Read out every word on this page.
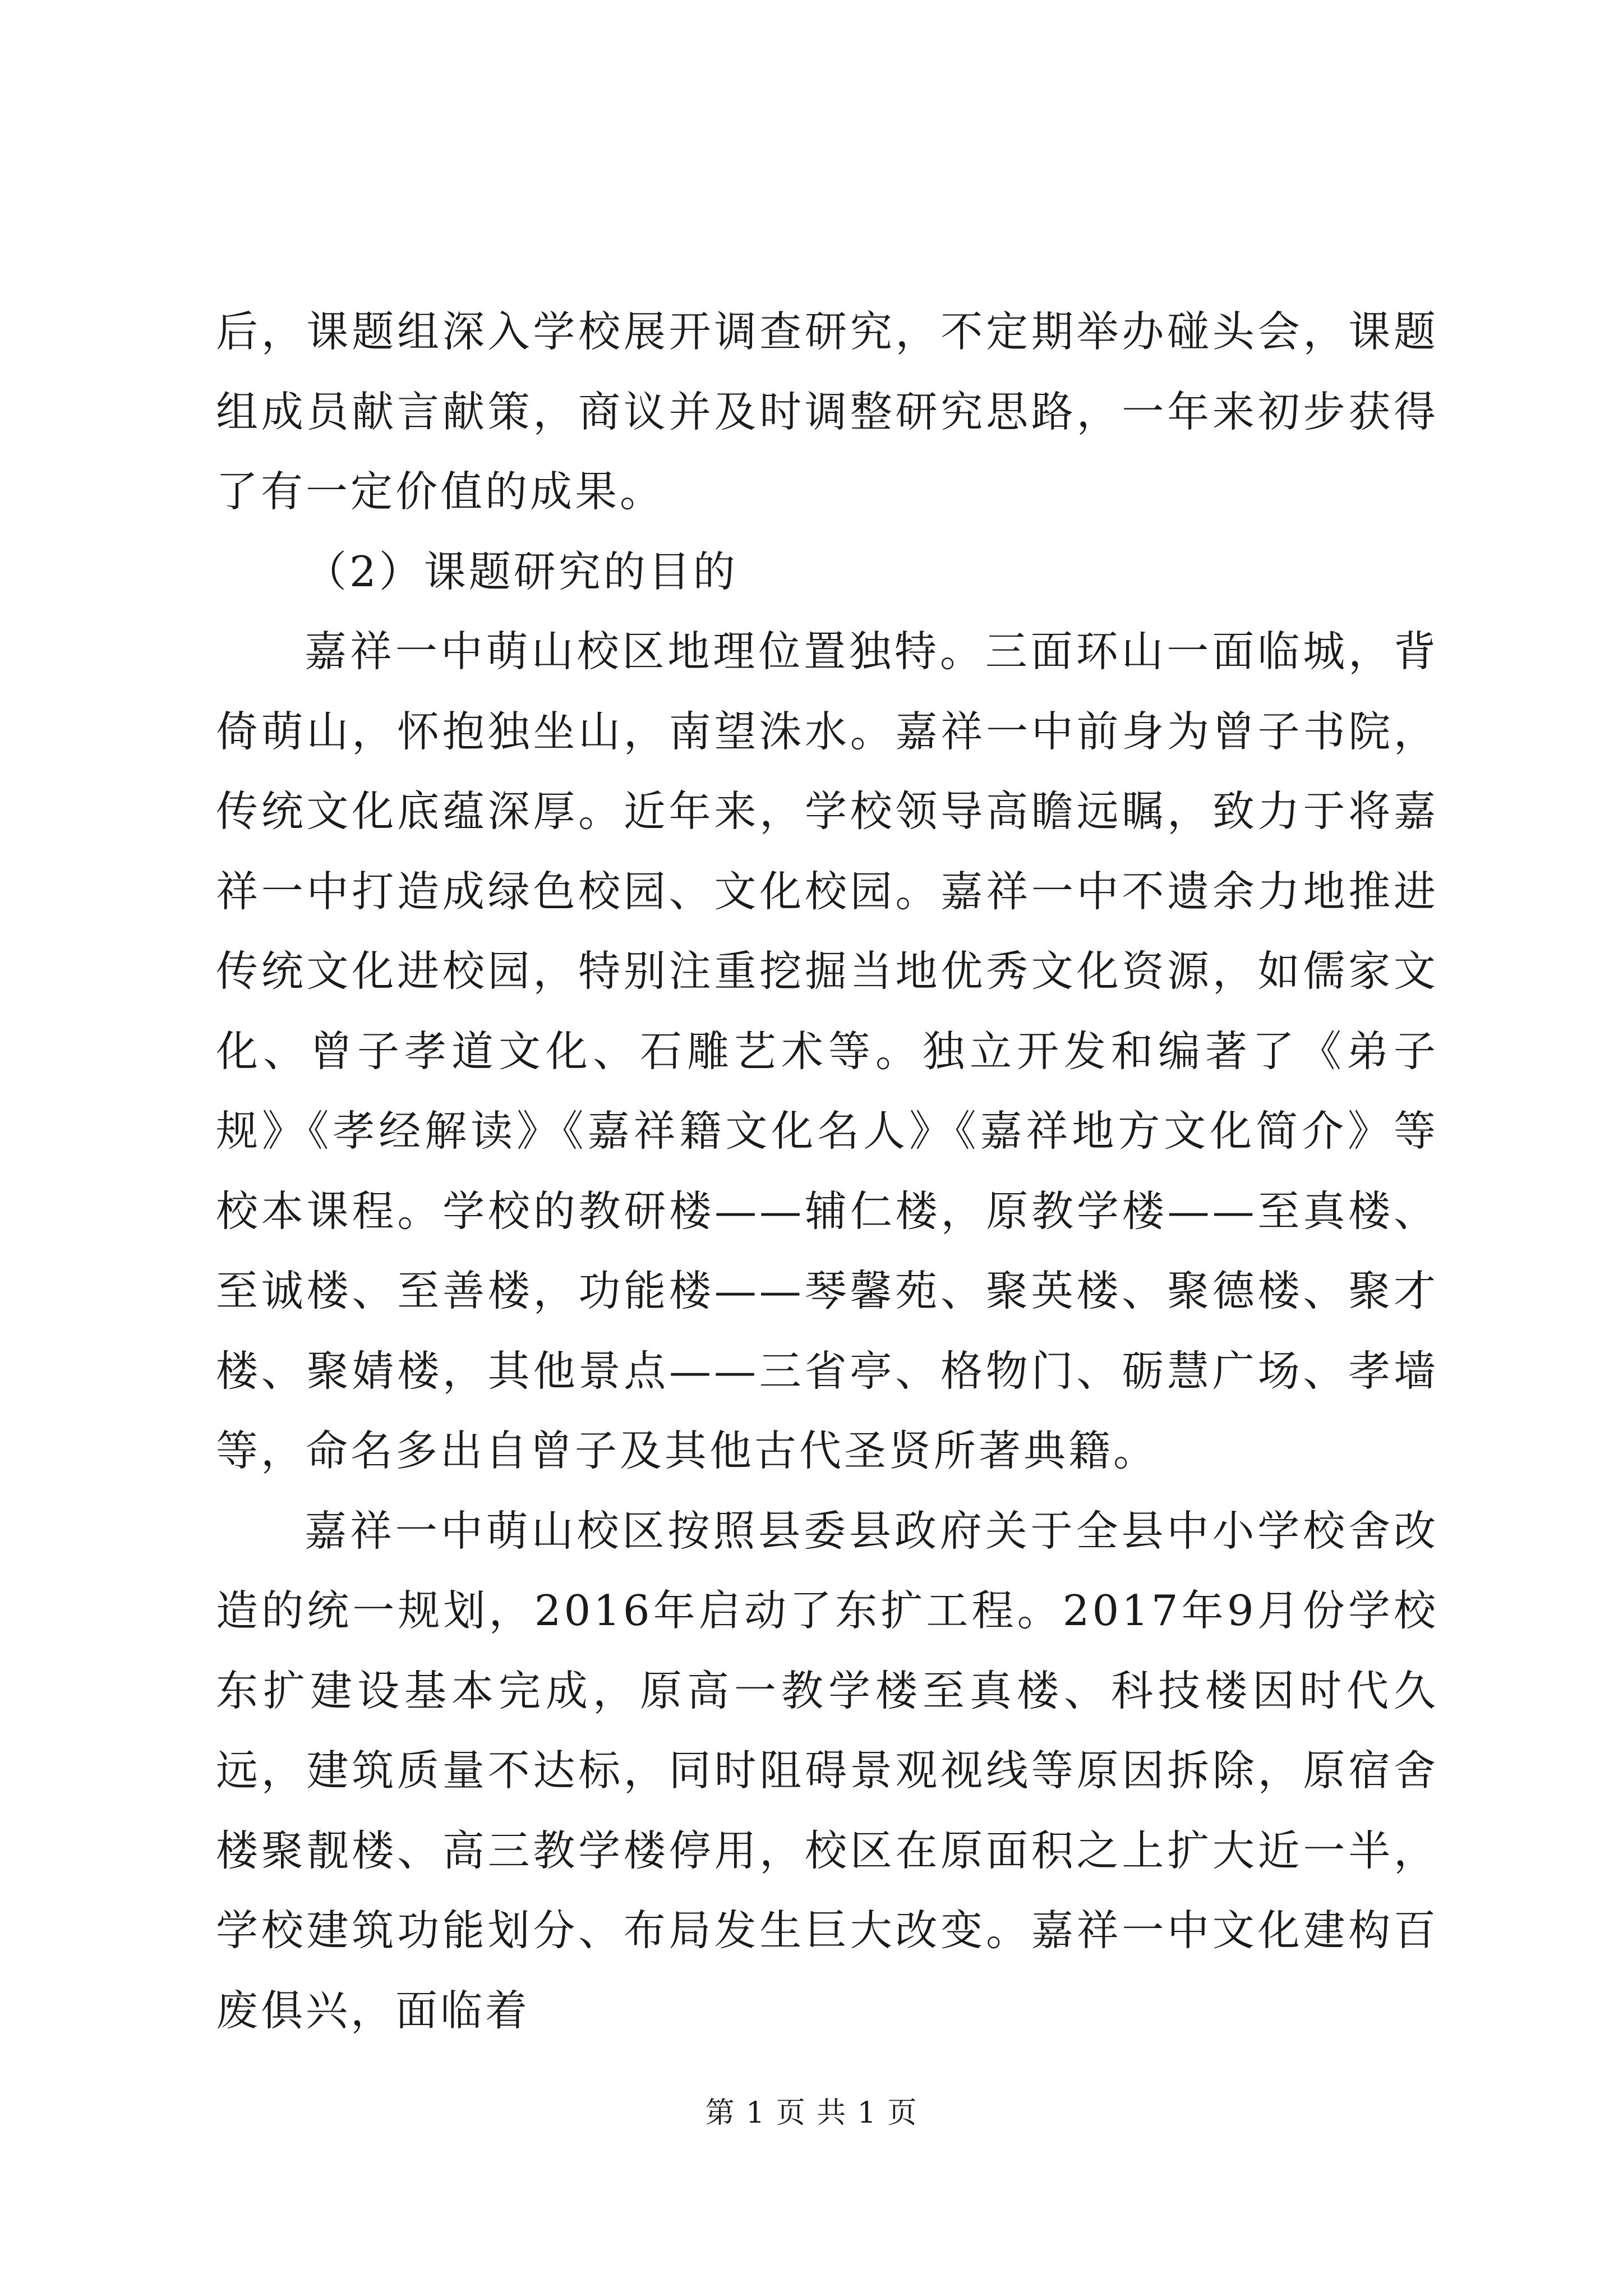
后，课题组深入学校展开调查研究，不定期举办碰头会，课题组成员献言献策，商议并及时调整研究思路，一年来初步获得了有一定价值的成果。

（2）课题研究的目的

嘉祥一中萌山校区地理位置独特。三面环山一面临城，背倚萌山，怀抱独坐山，南望洙水。嘉祥一中前身为曾子书院，传统文化底蕴深厚。近年来，学校领导高瞻远瞩，致力于将嘉祥一中打造成绿色校园、文化校园。嘉祥一中不遗余力地推进传统文化进校园，特别注重挖掘当地优秀文化资源，如儒家文化、曾子孝道文化、石雕艺术等。独立开发和编著了《弟子规》《孝经解读》《嘉祥籍文化名人》《嘉祥地方文化简介》等校本课程。学校的教研楼——辅仁楼，原教学楼——至真楼、至诚楼、至善楼，功能楼——琴馨苑、聚英楼、聚德楼、聚才楼、聚婧楼，其他景点——三省亭、格物门、砺慧广场、孝墙等，命名多出自曾子及其他古代圣贤所著典籍。

嘉祥一中萌山校区按照县委县政府关于全县中小学校舍改造的统一规划，2016年启动了东扩工程。2017年9月份学校东扩建设基本完成，原高一教学楼至真楼、科技楼因时代久远，建筑质量不达标，同时阻碍景观视线等原因拆除，原宿舍楼聚靓楼、高三教学楼停用，校区在原面积之上扩大近一半，学校建筑功能划分、布局发生巨大改变。嘉祥一中文化建构百废俱兴，面临着

第 1 页 共 1 页
